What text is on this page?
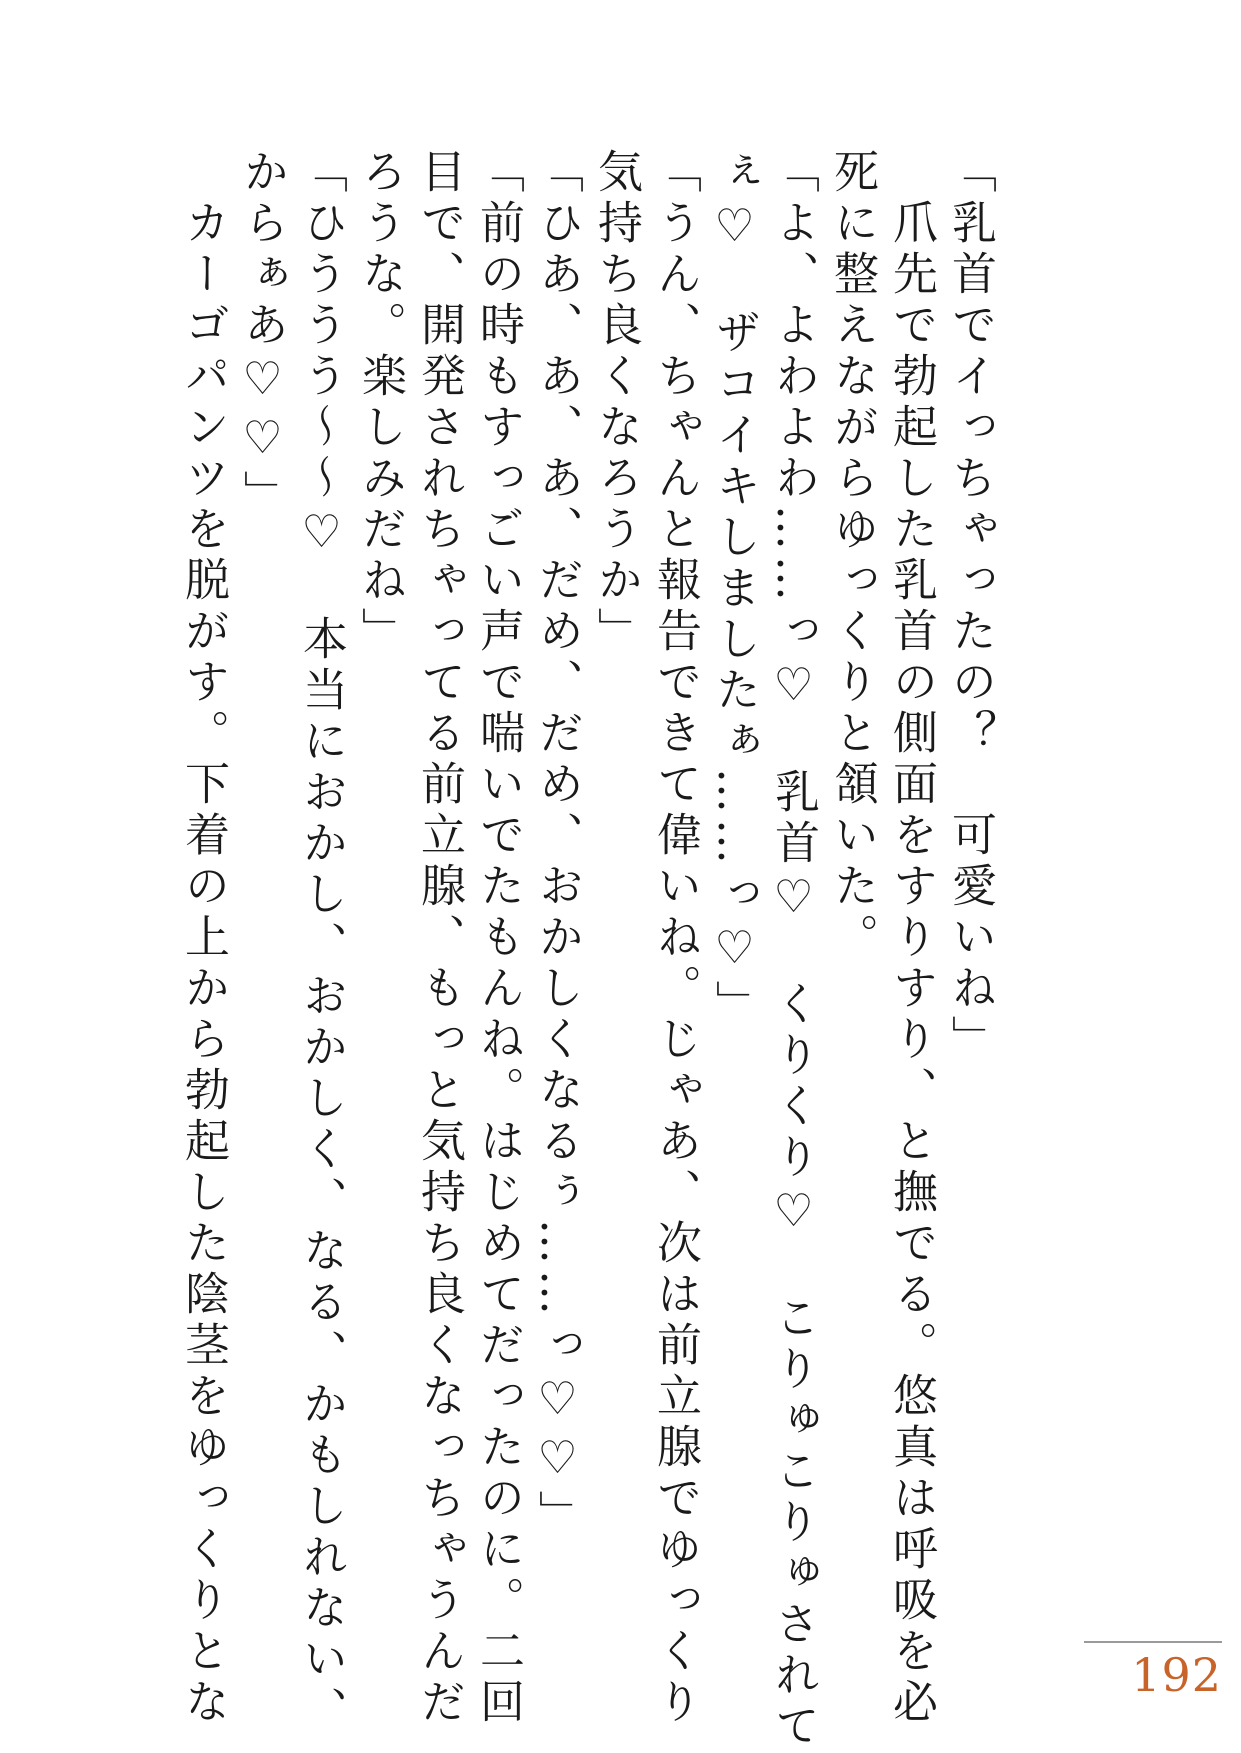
「乳首でイっちゃったの？　可愛いね」

　爪先で勃起した乳首の側面をすりすり、と撫でる。悠真は呼吸を必

死に整えながらゆっくりと頷いた。

「よ、よわよわ……っ♡　乳首♡　くりくり♡　こりゅこりゅされて

ぇ♡　ザコイキしましたぁ……っ♡」

「うん、ちゃんと報告できて偉いね。じゃあ、次は前立腺でゆっくり

気持ち良くなろうか」

「ひあ、あ、あ、だめ、だめ、おかしくなるぅ……っ♡♡」

「前の時もすっごい声で喘いでたもんね。はじめてだったのに。二回

目で、開発されちゃってる前立腺、もっと気持ち良くなっちゃうんだ

ろうな。楽しみだね」

「ひううう〜〜♡　本当におかし、おかしく、なる、かもしれない、

からぁあ♡♡」

　カーゴパンツを脱がす。下着の上から勃起した陰茎をゆっくりとな	192
